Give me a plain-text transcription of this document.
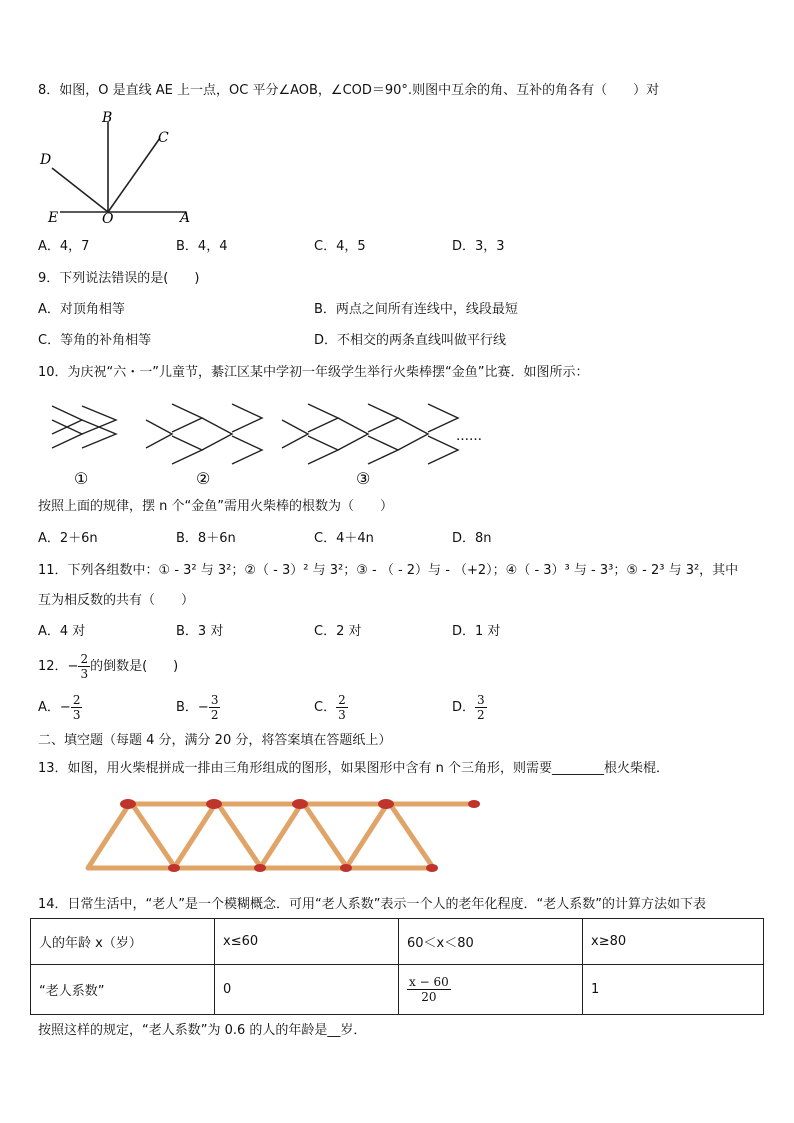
8．如图，O 是直线 AE 上一点，OC 平分∠AOB，∠COD＝90°.则图中互余的角、互补的角各有（　　）对
B
C
D
E	O	A
A．4，7	B．4，4	C．4，5	D．3，3
9．下列说法错误的是(　　)
A．对顶角相等	B．两点之间所有连线中，线段最短
C．等角的补角相等	D．不相交的两条直线叫做平行线
10．为庆祝“六・一”儿童节，綦江区某中学初一年级学生举行火柴棒摆“金鱼”比赛．如图所示：
……
①	②	③
按照上面的规律，摆 n 个“金鱼”需用火柴棒的根数为（　　）
A．2＋6n	B．8＋6n	C．4＋4n	D．8n
11．下列各组数中：① - 3² 与 3²；②（ - 3）² 与 3²；③ - （ - 2）与 - （+2）；④（ - 3）³ 与 - 3³；⑤ - 2³ 与 3²，其中
互为相反数的共有（　　）
A．4 对	B．3 对	C．2 对	D．1 对
12．− $\frac{2}{3}$ 的倒数是(　　)
A．− $\frac{2}{3}$	B．− $\frac{3}{2}$	C． $\frac{2}{3}$	D． $\frac{3}{2}$
二、填空题（每题 4 分，满分 20 分，将答案填在答题纸上）
13．如图，用火柴棍拼成一排由三角形组成的图形，如果图形中含有 n 个三角形，则需要________根火柴棍．
14．日常生活中，“老人”是一个模糊概念．可用“老人系数”表示一个人的老年化程度．“老人系数”的计算方法如下表
人的年龄 x（岁）	x≤60	60＜x＜80	x≥80
“老人系数”	0	$\frac{x - 60}{20}$	1
按照这样的规定，“老人系数”为 0.6 的人的年龄是__岁．
